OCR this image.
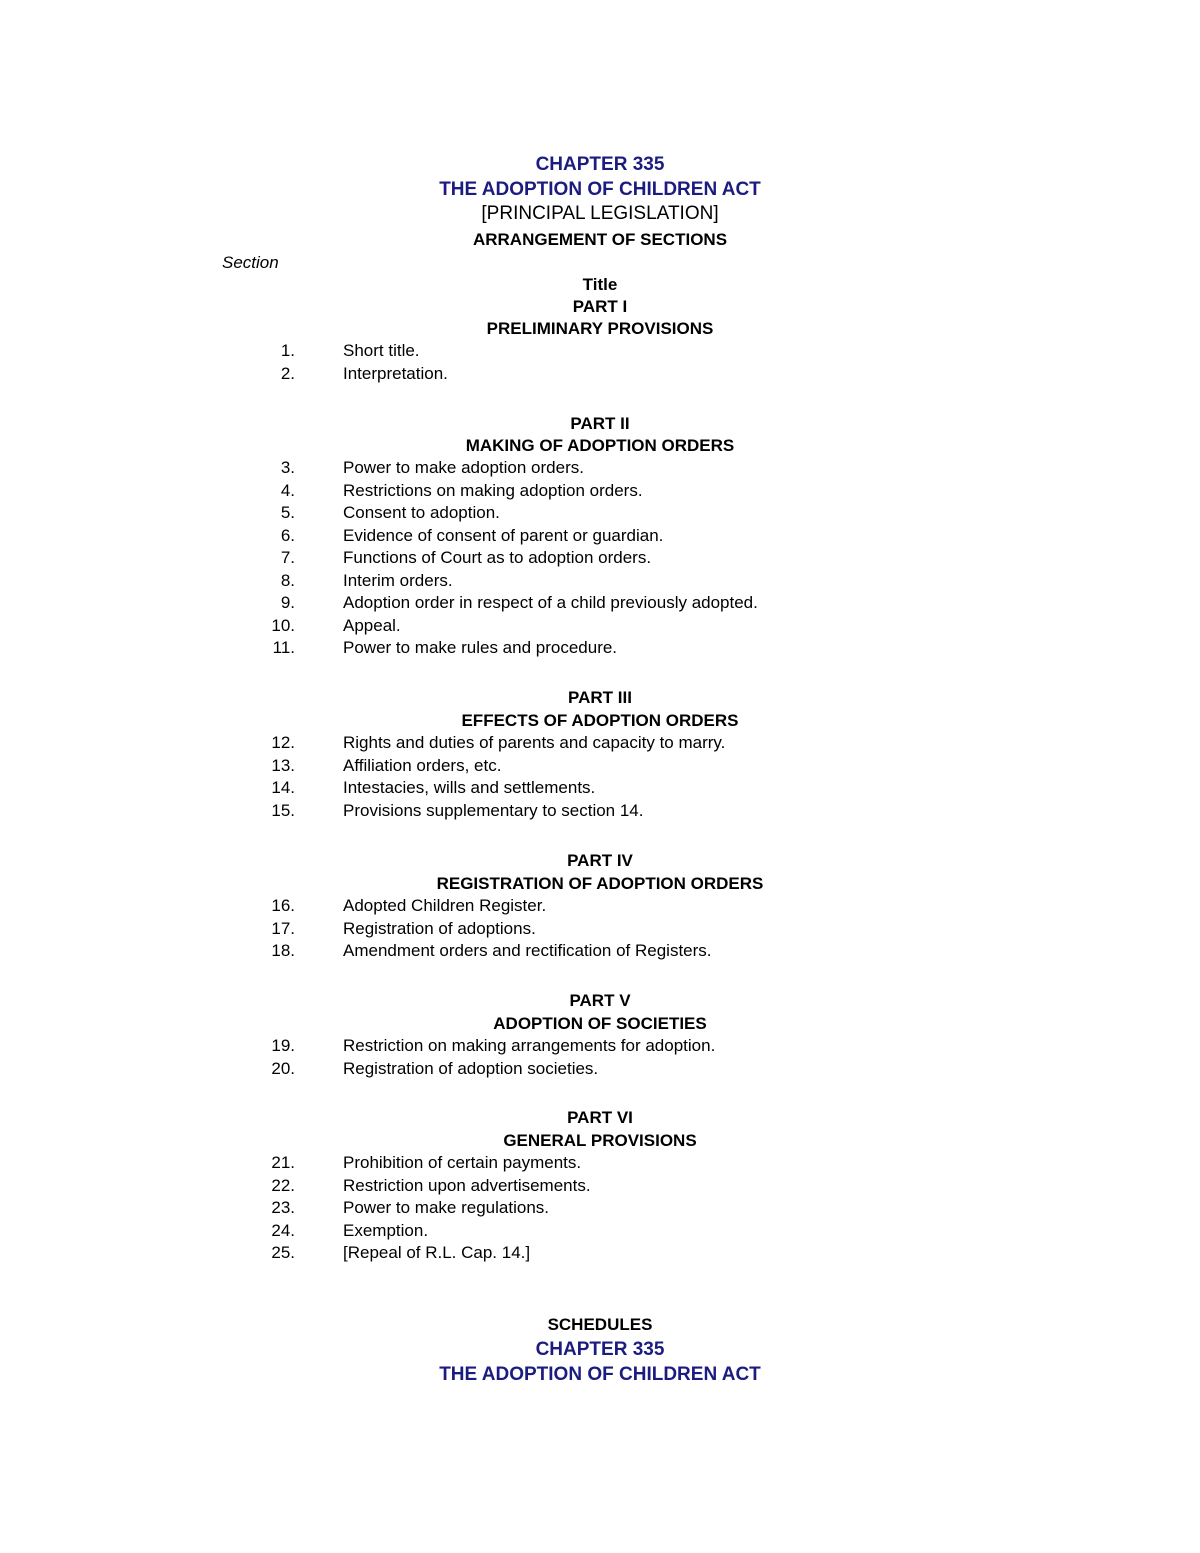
CHAPTER 335
THE ADOPTION OF CHILDREN ACT
[PRINCIPAL LEGISLATION]
ARRANGEMENT OF SECTIONS
Section
Title
PART I
PRELIMINARY PROVISIONS
1.	Short title.
2.	Interpretation.
PART II
MAKING OF ADOPTION ORDERS
3.	Power to make adoption orders.
4.	Restrictions on making adoption orders.
5.	Consent to adoption.
6.	Evidence of consent of parent or guardian.
7.	Functions of Court as to adoption orders.
8.	Interim orders.
9.	Adoption order in respect of a child previously adopted.
10.	Appeal.
11.	Power to make rules and procedure.
PART III
EFFECTS OF ADOPTION ORDERS
12.	Rights and duties of parents and capacity to marry.
13.	Affiliation orders, etc.
14.	Intestacies, wills and settlements.
15.	Provisions supplementary to section 14.
PART IV
REGISTRATION OF ADOPTION ORDERS
16.	Adopted Children Register.
17.	Registration of adoptions.
18.	Amendment orders and rectification of Registers.
PART V
ADOPTION OF SOCIETIES
19.	Restriction on making arrangements for adoption.
20.	Registration of adoption societies.
PART VI
GENERAL PROVISIONS
21.	Prohibition of certain payments.
22.	Restriction upon advertisements.
23.	Power to make regulations.
24.	Exemption.
25.	[Repeal of R.L. Cap. 14.]
SCHEDULES
CHAPTER 335
THE ADOPTION OF CHILDREN ACT
